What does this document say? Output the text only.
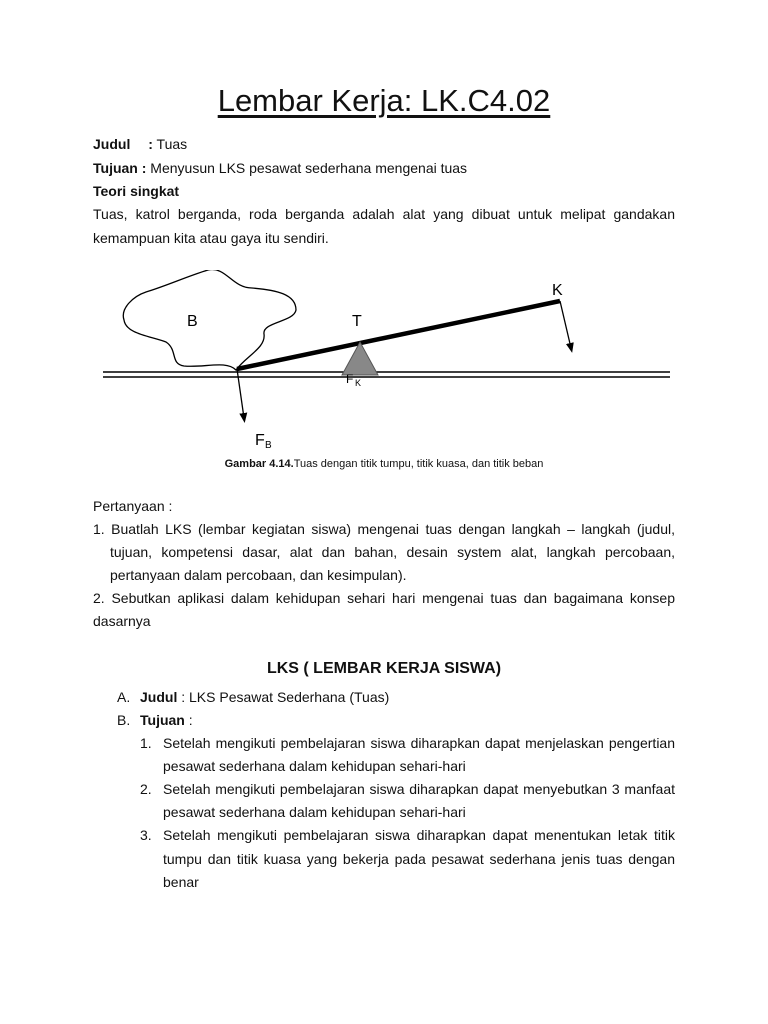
Lembar Kerja: LK.C4.02
Judul : Tuas
Tujuan : Menyusun LKS pesawat sederhana mengenai tuas
Teori singkat
Tuas, katrol berganda, roda berganda adalah alat yang dibuat untuk melipat gandakan
kemampuan kita atau gaya itu sendiri.
B	T
K
F K
F B
Gambar 4.14.Tuas dengan titik tumpu, titik kuasa, dan titik beban
Pertanyaan :
1. Buatlah LKS (lembar kegiatan siswa) mengenai tuas dengan langkah – langkah (judul,
tujuan, kompetensi dasar, alat dan bahan, desain system alat, langkah percobaan,
pertanyaan dalam percobaan, dan kesimpulan).
2. Sebutkan aplikasi dalam kehidupan sehari hari mengenai tuas dan bagaimana konsep
dasarnya
LKS ( LEMBAR KERJA SISWA)
A. Judul : LKS Pesawat Sederhana (Tuas)
B. Tujuan :
1. Setelah mengikuti pembelajaran siswa diharapkan dapat menjelaskan pengertian
pesawat sederhana dalam kehidupan sehari-hari
2. Setelah mengikuti pembelajaran siswa diharapkan dapat menyebutkan 3 manfaat
pesawat sederhana dalam kehidupan sehari-hari
3. Setelah mengikuti pembelajaran siswa diharapkan dapat menentukan letak titik
tumpu dan titik kuasa yang bekerja pada pesawat sederhana jenis tuas dengan
benar
